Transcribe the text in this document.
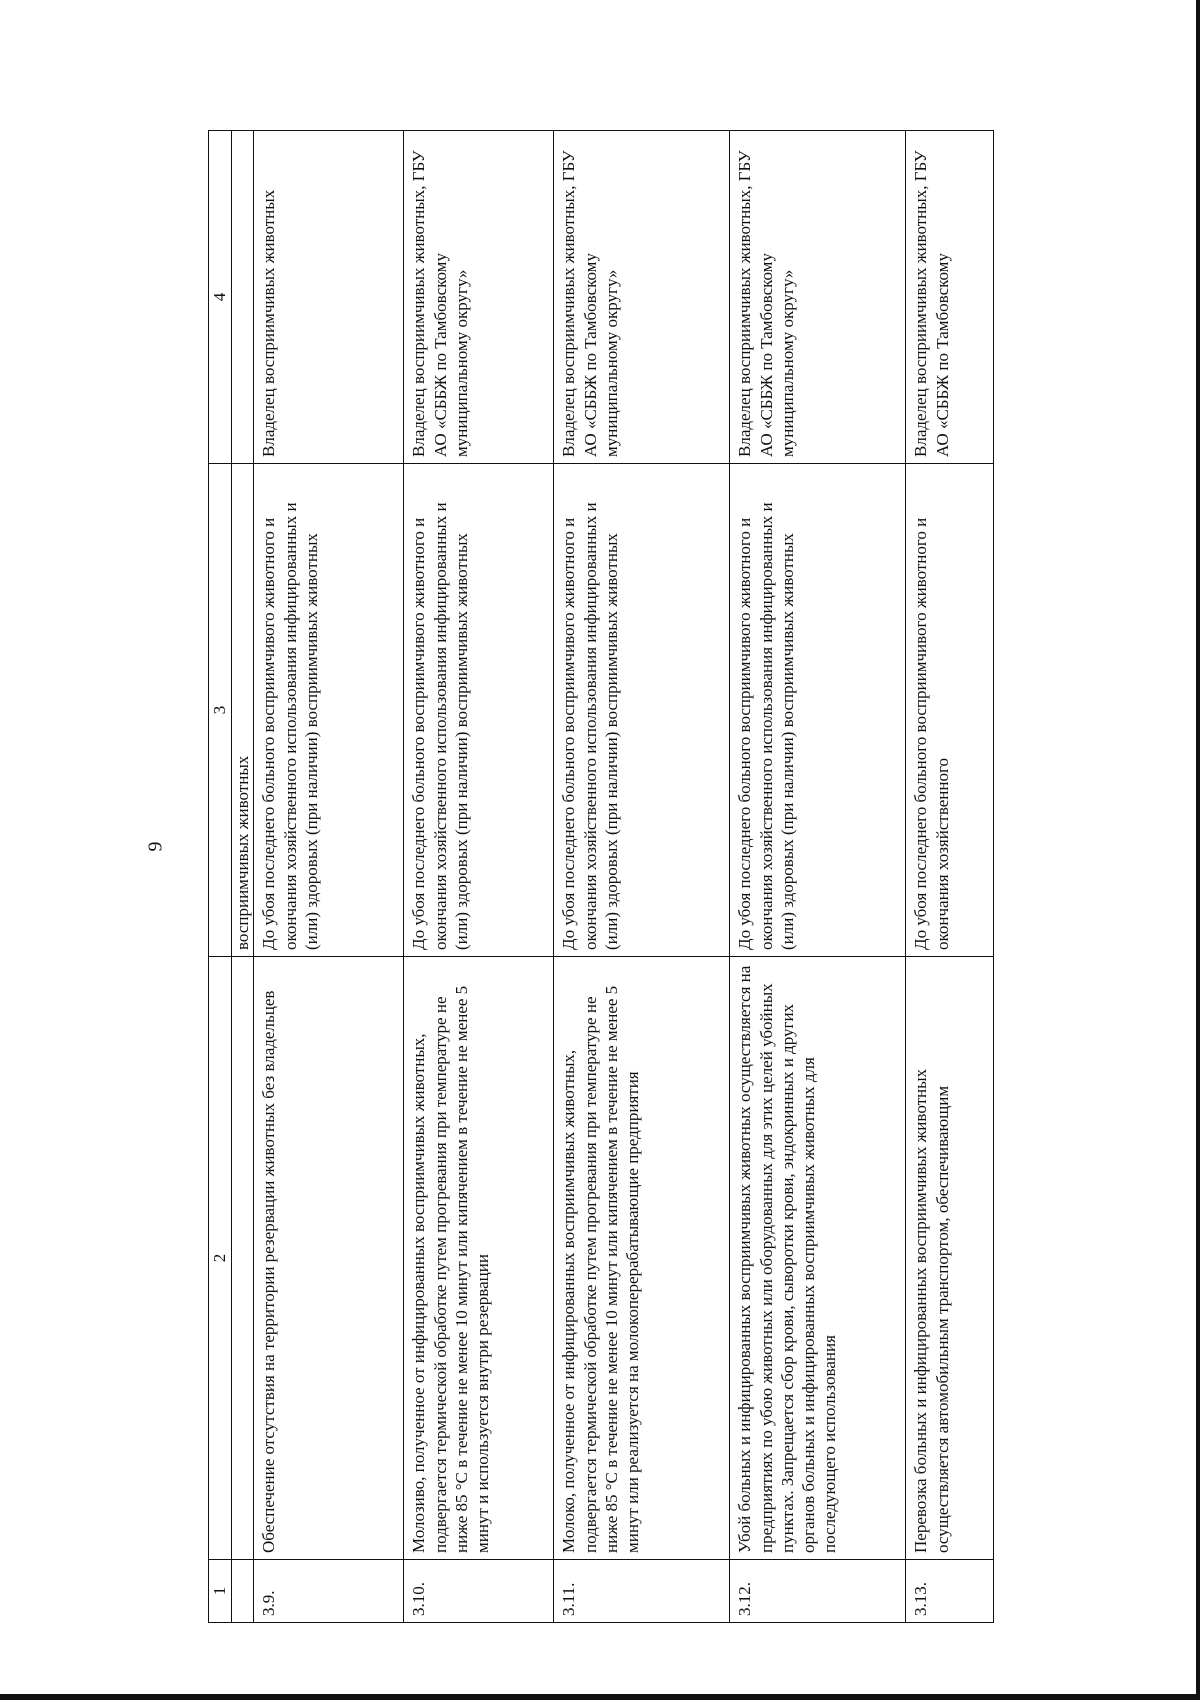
9
1	2	3	4
		восприимчивых животных	
3.9.	Обеспечение отсутствия на территории резервации животных без владельцев	До убоя последнего больного восприимчивого животного и окончания хозяйственного использования инфицированных и (или) здоровых (при наличии) восприимчивых животных	Владелец восприимчивых животных
3.10.	Молозиво, полученное от инфицированных восприимчивых животных, подвергается термической обработке путем прогревания при температуре не ниже 85 °С в течение не менее 10 минут или кипячением в течение не менее 5 минут и используется внутри резервации	До убоя последнего больного восприимчивого животного и окончания хозяйственного использования инфицированных и (или) здоровых (при наличии) восприимчивых животных	Владелец восприимчивых животных, ГБУ АО «СББЖ по Тамбовскому муниципальному округу»
3.11.	Молоко, полученное от инфицированных восприимчивых животных, подвергается термической обработке путем прогревания при температуре не ниже 85 °С в течение не менее 10 минут или кипячением в течение не менее 5 минут или реализуется на молокоперерабатывающие предприятия	До убоя последнего больного восприимчивого животного и окончания хозяйственного использования инфицированных и (или) здоровых (при наличии) восприимчивых животных	Владелец восприимчивых животных, ГБУ АО «СББЖ по Тамбовскому муниципальному округу»
3.12.	Убой больных и инфицированных восприимчивых животных осуществляется на предприятиях по убою животных или оборудованных для этих целей убойных пунктах. Запрещается сбор крови, сыворотки крови, эндокринных и других органов больных и инфицированных восприимчивых животных для последующего использования	До убоя последнего больного восприимчивого животного и окончания хозяйственного использования инфицированных и (или) здоровых (при наличии) восприимчивых животных	Владелец восприимчивых животных, ГБУ АО «СББЖ по Тамбовскому муниципальному округу»
3.13.	Перевозка больных и инфицированных восприимчивых животных осуществляется автомобильным транспортом, обеспечивающим	До убоя последнего больного восприимчивого животного и окончания хозяйственного	Владелец восприимчивых животных, ГБУ АО «СББЖ по Тамбовскому
